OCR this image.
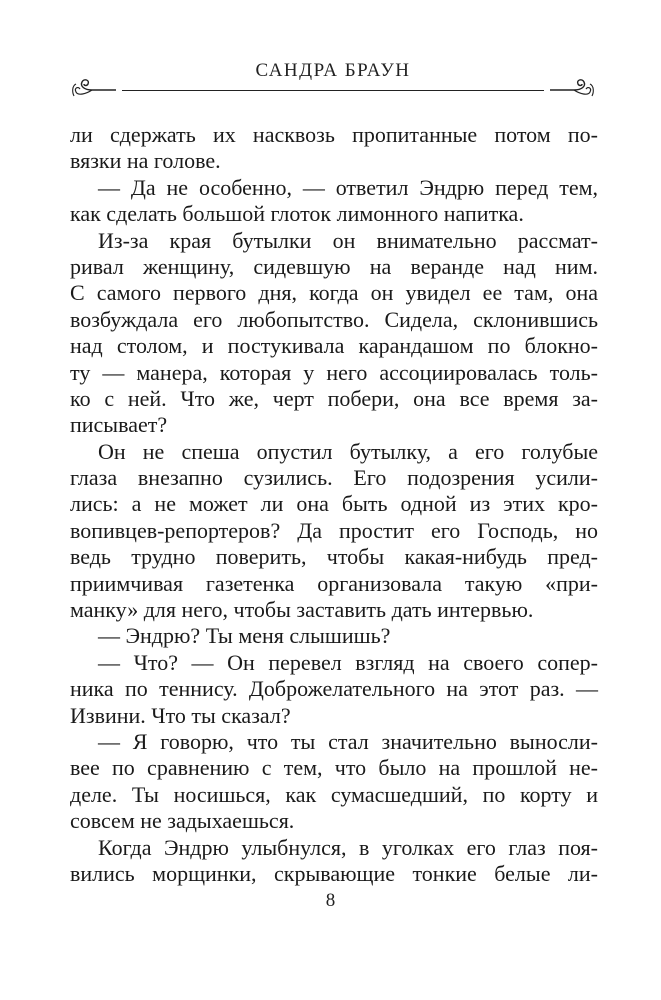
САНДРА БРАУН
ли сдержать их насквозь пропитанные потом по-
вязки на голове.
— Да не особенно, — ответил Эндрю перед тем,
как сделать большой глоток лимонного напитка.
Из-за края бутылки он внимательно рассмат-
ривал женщину, сидевшую на веранде над ним.
С самого первого дня, когда он увидел ее там, она
возбуждала его любопытство. Сидела, склонившись
над столом, и постукивала карандашом по блокно-
ту — манера, которая у него ассоциировалась толь-
ко с ней. Что же, черт побери, она все время за-
писывает?
Он не спеша опустил бутылку, а его голубые
глаза внезапно сузились. Его подозрения усили-
лись: а не может ли она быть одной из этих кро-
вопивцев-репортеров? Да простит его Господь, но
ведь трудно поверить, чтобы какая-нибудь пред-
приимчивая газетенка организовала такую «при-
манку» для него, чтобы заставить дать интервью.
— Эндрю? Ты меня слышишь?
— Что? — Он перевел взгляд на своего сопер-
ника по теннису. Доброжелательного на этот раз. —
Извини. Что ты сказал?
— Я говорю, что ты стал значительно выносли-
вее по сравнению с тем, что было на прошлой не-
деле. Ты носишься, как сумасшедший, по корту и
совсем не задыхаешься.
Когда Эндрю улыбнулся, в уголках его глаз поя-
вились морщинки, скрывающие тонкие белые ли-
8
